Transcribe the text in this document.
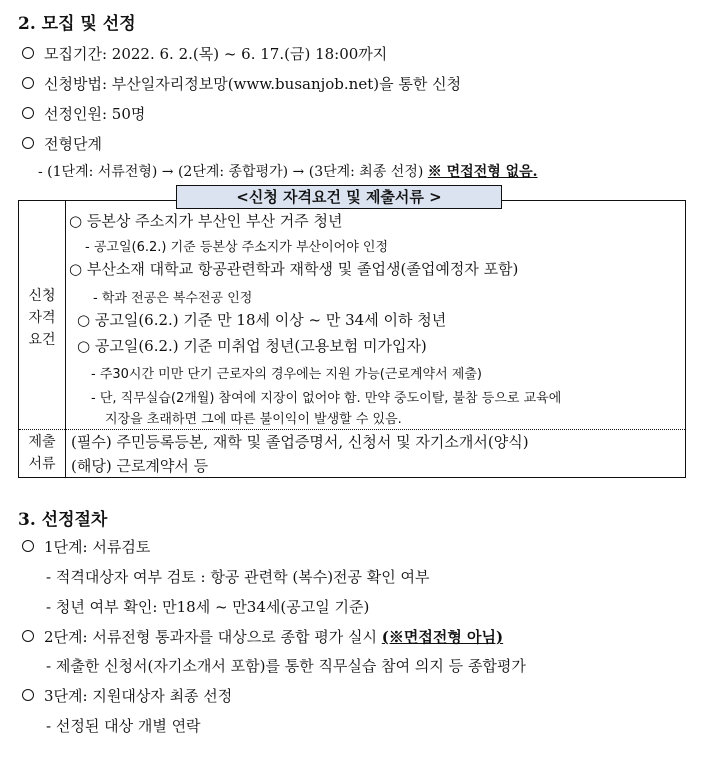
2. 모집 및 선정
모집기간: 2022. 6. 2.(목) ~ 6. 17.(금) 18:00까지
신청방법: 부산일자리정보망(www.busanjob.net)을 통한 신청
선정인원: 50명
전형단계
- (1단계: 서류전형) → (2단계: 종합평가) → (3단계: 최종 선정) ※ 면접전형 없음.
<신청 자격요건 및 제출서류 >
신청
자격
요건
○ 등본상 주소지가 부산인 부산 거주 청년
- 공고일(6.2.) 기준 등본상 주소지가 부산이어야 인정
○ 부산소재 대학교 항공관련학과 재학생 및 졸업생(졸업예정자 포함)
- 학과 전공은 복수전공 인정
○ 공고일(6.2.) 기준 만 18세 이상 ~ 만 34세 이하 청년
○ 공고일(6.2.) 기준 미취업 청년(고용보험 미가입자)
- 주30시간 미만 단기 근로자의 경우에는 지원 가능(근로계약서 제출)
- 단, 직무실습(2개월) 참여에 지장이 없어야 함. 만약 중도이탈, 불참 등으로 교육에
지장을 초래하면 그에 따른 불이익이 발생할 수 있음.
제출
서류
(필수) 주민등록등본, 재학 및 졸업증명서, 신청서 및 자기소개서(양식)
(해당) 근로계약서 등
3. 선정절차
1단계: 서류검토
- 적격대상자 여부 검토 : 항공 관련학 (복수)전공 확인 여부
- 청년 여부 확인: 만18세 ~ 만34세(공고일 기준)
2단계: 서류전형 통과자를 대상으로 종합 평가 실시 (※면접전형 아님)
- 제출한 신청서(자기소개서 포함)를 통한 직무실습 참여 의지 등 종합평가
3단계: 지원대상자 최종 선정
- 선정된 대상 개별 연락
